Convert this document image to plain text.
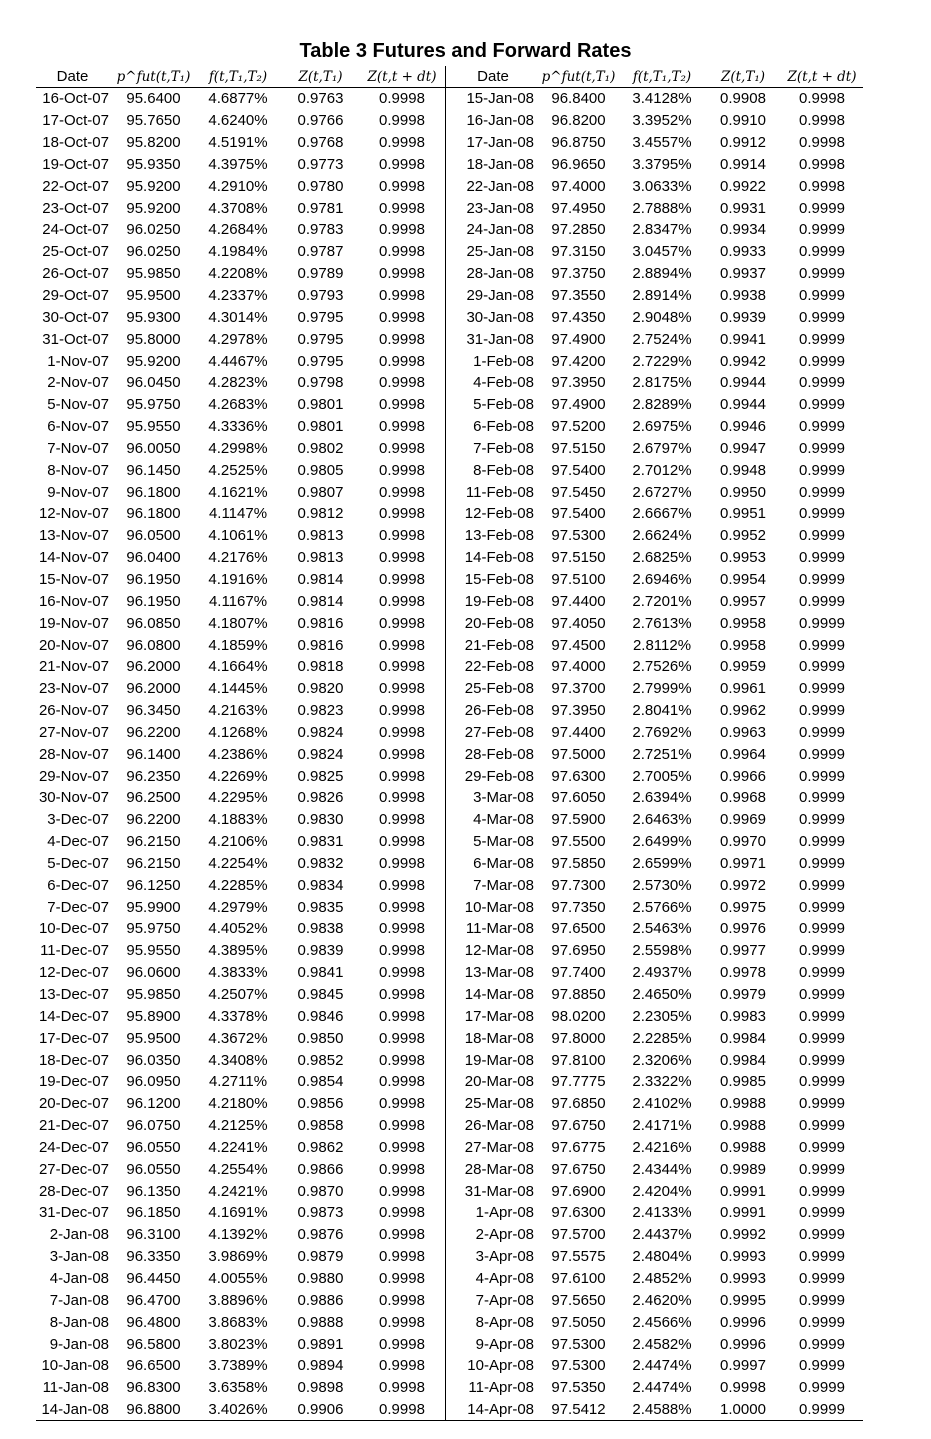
Table 3 Futures and Forward Rates
Date	p^fut(t,T₁)	f(t,T₁,T₂)	Z(t,T₁)	Z(t,t + dt)
16-Oct-07	95.6400	4.6877%	0.9763	0.9998
17-Oct-07	95.7650	4.6240%	0.9766	0.9998
18-Oct-07	95.8200	4.5191%	0.9768	0.9998
19-Oct-07	95.9350	4.3975%	0.9773	0.9998
22-Oct-07	95.9200	4.2910%	0.9780	0.9998
23-Oct-07	95.9200	4.3708%	0.9781	0.9998
24-Oct-07	96.0250	4.2684%	0.9783	0.9998
25-Oct-07	96.0250	4.1984%	0.9787	0.9998
26-Oct-07	95.9850	4.2208%	0.9789	0.9998
29-Oct-07	95.9500	4.2337%	0.9793	0.9998
30-Oct-07	95.9300	4.3014%	0.9795	0.9998
31-Oct-07	95.8000	4.2978%	0.9795	0.9998
1-Nov-07	95.9200	4.4467%	0.9795	0.9998
2-Nov-07	96.0450	4.2823%	0.9798	0.9998
5-Nov-07	95.9750	4.2683%	0.9801	0.9998
6-Nov-07	95.9550	4.3336%	0.9801	0.9998
7-Nov-07	96.0050	4.2998%	0.9802	0.9998
8-Nov-07	96.1450	4.2525%	0.9805	0.9998
9-Nov-07	96.1800	4.1621%	0.9807	0.9998
12-Nov-07	96.1800	4.1147%	0.9812	0.9998
13-Nov-07	96.0500	4.1061%	0.9813	0.9998
14-Nov-07	96.0400	4.2176%	0.9813	0.9998
15-Nov-07	96.1950	4.1916%	0.9814	0.9998
16-Nov-07	96.1950	4.1167%	0.9814	0.9998
19-Nov-07	96.0850	4.1807%	0.9816	0.9998
20-Nov-07	96.0800	4.1859%	0.9816	0.9998
21-Nov-07	96.2000	4.1664%	0.9818	0.9998
23-Nov-07	96.2000	4.1445%	0.9820	0.9998
26-Nov-07	96.3450	4.2163%	0.9823	0.9998
27-Nov-07	96.2200	4.1268%	0.9824	0.9998
28-Nov-07	96.1400	4.2386%	0.9824	0.9998
29-Nov-07	96.2350	4.2269%	0.9825	0.9998
30-Nov-07	96.2500	4.2295%	0.9826	0.9998
3-Dec-07	96.2200	4.1883%	0.9830	0.9998
4-Dec-07	96.2150	4.2106%	0.9831	0.9998
5-Dec-07	96.2150	4.2254%	0.9832	0.9998
6-Dec-07	96.1250	4.2285%	0.9834	0.9998
7-Dec-07	95.9900	4.2979%	0.9835	0.9998
10-Dec-07	95.9750	4.4052%	0.9838	0.9998
11-Dec-07	95.9550	4.3895%	0.9839	0.9998
12-Dec-07	96.0600	4.3833%	0.9841	0.9998
13-Dec-07	95.9850	4.2507%	0.9845	0.9998
14-Dec-07	95.8900	4.3378%	0.9846	0.9998
17-Dec-07	95.9500	4.3672%	0.9850	0.9998
18-Dec-07	96.0350	4.3408%	0.9852	0.9998
19-Dec-07	96.0950	4.2711%	0.9854	0.9998
20-Dec-07	96.1200	4.2180%	0.9856	0.9998
21-Dec-07	96.0750	4.2125%	0.9858	0.9998
24-Dec-07	96.0550	4.2241%	0.9862	0.9998
27-Dec-07	96.0550	4.2554%	0.9866	0.9998
28-Dec-07	96.1350	4.2421%	0.9870	0.9998
31-Dec-07	96.1850	4.1691%	0.9873	0.9998
2-Jan-08	96.3100	4.1392%	0.9876	0.9998
3-Jan-08	96.3350	3.9869%	0.9879	0.9998
4-Jan-08	96.4450	4.0055%	0.9880	0.9998
7-Jan-08	96.4700	3.8896%	0.9886	0.9998
8-Jan-08	96.4800	3.8683%	0.9888	0.9998
9-Jan-08	96.5800	3.8023%	0.9891	0.9998
10-Jan-08	96.6500	3.7389%	0.9894	0.9998
11-Jan-08	96.8300	3.6358%	0.9898	0.9998
14-Jan-08	96.8800	3.4026%	0.9906	0.9998
Date	p^fut(t,T₁)	f(t,T₁,T₂)	Z(t,T₁)	Z(t,t + dt)
15-Jan-08	96.8400	3.4128%	0.9908	0.9998
16-Jan-08	96.8200	3.3952%	0.9910	0.9998
17-Jan-08	96.8750	3.4557%	0.9912	0.9998
18-Jan-08	96.9650	3.3795%	0.9914	0.9998
22-Jan-08	97.4000	3.0633%	0.9922	0.9998
23-Jan-08	97.4950	2.7888%	0.9931	0.9999
24-Jan-08	97.2850	2.8347%	0.9934	0.9999
25-Jan-08	97.3150	3.0457%	0.9933	0.9999
28-Jan-08	97.3750	2.8894%	0.9937	0.9999
29-Jan-08	97.3550	2.8914%	0.9938	0.9999
30-Jan-08	97.4350	2.9048%	0.9939	0.9999
31-Jan-08	97.4900	2.7524%	0.9941	0.9999
1-Feb-08	97.4200	2.7229%	0.9942	0.9999
4-Feb-08	97.3950	2.8175%	0.9944	0.9999
5-Feb-08	97.4900	2.8289%	0.9944	0.9999
6-Feb-08	97.5200	2.6975%	0.9946	0.9999
7-Feb-08	97.5150	2.6797%	0.9947	0.9999
8-Feb-08	97.5400	2.7012%	0.9948	0.9999
11-Feb-08	97.5450	2.6727%	0.9950	0.9999
12-Feb-08	97.5400	2.6667%	0.9951	0.9999
13-Feb-08	97.5300	2.6624%	0.9952	0.9999
14-Feb-08	97.5150	2.6825%	0.9953	0.9999
15-Feb-08	97.5100	2.6946%	0.9954	0.9999
19-Feb-08	97.4400	2.7201%	0.9957	0.9999
20-Feb-08	97.4050	2.7613%	0.9958	0.9999
21-Feb-08	97.4500	2.8112%	0.9958	0.9999
22-Feb-08	97.4000	2.7526%	0.9959	0.9999
25-Feb-08	97.3700	2.7999%	0.9961	0.9999
26-Feb-08	97.3950	2.8041%	0.9962	0.9999
27-Feb-08	97.4400	2.7692%	0.9963	0.9999
28-Feb-08	97.5000	2.7251%	0.9964	0.9999
29-Feb-08	97.6300	2.7005%	0.9966	0.9999
3-Mar-08	97.6050	2.6394%	0.9968	0.9999
4-Mar-08	97.5900	2.6463%	0.9969	0.9999
5-Mar-08	97.5500	2.6499%	0.9970	0.9999
6-Mar-08	97.5850	2.6599%	0.9971	0.9999
7-Mar-08	97.7300	2.5730%	0.9972	0.9999
10-Mar-08	97.7350	2.5766%	0.9975	0.9999
11-Mar-08	97.6500	2.5463%	0.9976	0.9999
12-Mar-08	97.6950	2.5598%	0.9977	0.9999
13-Mar-08	97.7400	2.4937%	0.9978	0.9999
14-Mar-08	97.8850	2.4650%	0.9979	0.9999
17-Mar-08	98.0200	2.2305%	0.9983	0.9999
18-Mar-08	97.8000	2.2285%	0.9984	0.9999
19-Mar-08	97.8100	2.3206%	0.9984	0.9999
20-Mar-08	97.7775	2.3322%	0.9985	0.9999
25-Mar-08	97.6850	2.4102%	0.9988	0.9999
26-Mar-08	97.6750	2.4171%	0.9988	0.9999
27-Mar-08	97.6775	2.4216%	0.9988	0.9999
28-Mar-08	97.6750	2.4344%	0.9989	0.9999
31-Mar-08	97.6900	2.4204%	0.9991	0.9999
1-Apr-08	97.6300	2.4133%	0.9991	0.9999
2-Apr-08	97.5700	2.4437%	0.9992	0.9999
3-Apr-08	97.5575	2.4804%	0.9993	0.9999
4-Apr-08	97.6100	2.4852%	0.9993	0.9999
7-Apr-08	97.5650	2.4620%	0.9995	0.9999
8-Apr-08	97.5050	2.4566%	0.9996	0.9999
9-Apr-08	97.5300	2.4582%	0.9996	0.9999
10-Apr-08	97.5300	2.4474%	0.9997	0.9999
11-Apr-08	97.5350	2.4474%	0.9998	0.9999
14-Apr-08	97.5412	2.4588%	1.0000	0.9999
